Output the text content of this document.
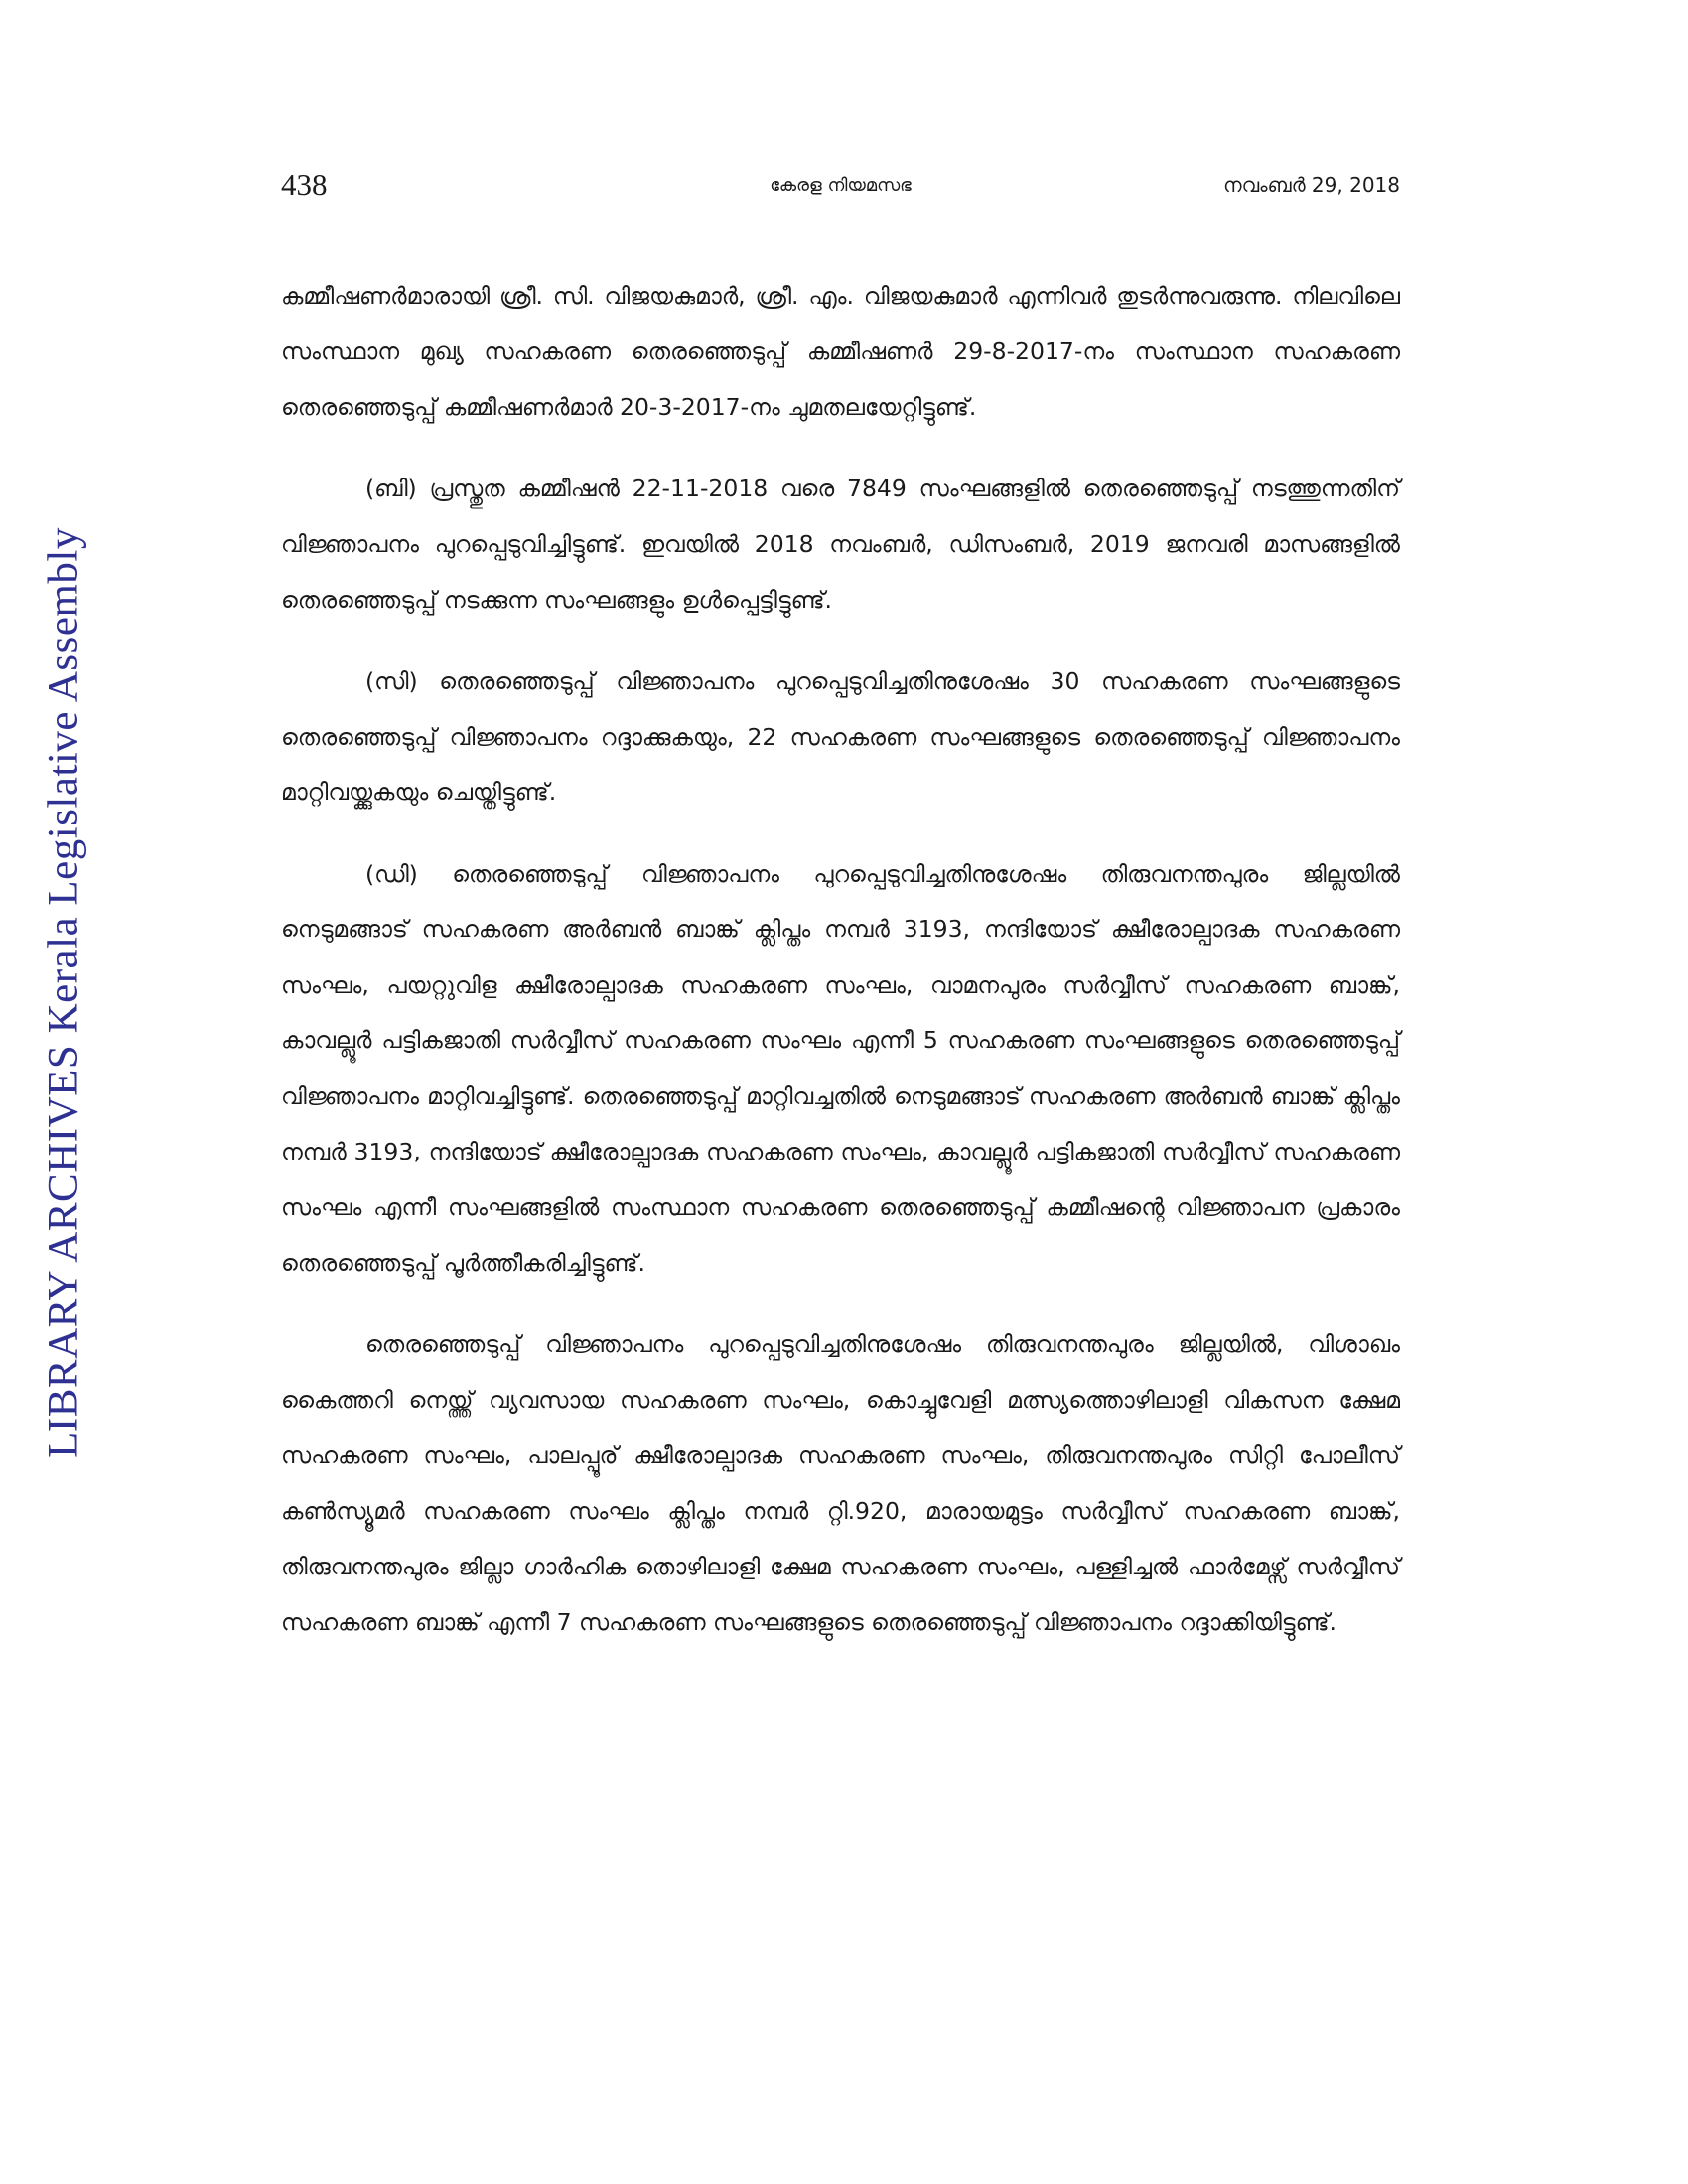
LIBRARY ARCHIVES Kerala Legislative Assembly
438	കേരള നിയമസഭ	നവംബർ 29, 2018

കമ്മീഷണർമാരായി ശ്രീ. സി. വിജയകുമാർ, ശ്രീ. എം. വിജയകുമാർ എന്നിവർ തുടർന്നുവരുന്നു. നിലവിലെ സംസ്ഥാന മുഖ്യ സഹകരണ തെരഞ്ഞെടുപ്പ് കമ്മീഷണർ 29-8-2017-നം സംസ്ഥാന സഹകരണ തെരഞ്ഞെടുപ്പ് കമ്മീഷണർമാർ 20-3-2017-നം ചുമതലയേറ്റിട്ടുണ്ട്.

(ബി) പ്രസ്തുത കമ്മീഷൻ 22-11-2018 വരെ 7849 സംഘങ്ങളിൽ തെരഞ്ഞെടുപ്പ് നടത്തുന്നതിന് വിജ്ഞാപനം പുറപ്പെടുവിച്ചിട്ടുണ്ട്. ഇവയിൽ 2018 നവംബർ, ഡിസംബർ, 2019 ജനവരി മാസങ്ങളിൽ തെരഞ്ഞെടുപ്പ് നടക്കുന്ന സംഘങ്ങളും ഉൾപ്പെട്ടിട്ടുണ്ട്.

(സി) തെരഞ്ഞെടുപ്പ് വിജ്ഞാപനം പുറപ്പെടുവിച്ചതിനുശേഷം 30 സഹകരണ സംഘങ്ങളുടെ തെരഞ്ഞെടുപ്പ് വിജ്ഞാപനം റദ്ദാക്കുകയും, 22 സഹകരണ സംഘങ്ങളുടെ തെരഞ്ഞെടുപ്പ് വിജ്ഞാപനം മാറ്റിവയ്ക്കുകയും ചെയ്തിട്ടുണ്ട്.

(ഡി) തെരഞ്ഞെടുപ്പ് വിജ്ഞാപനം പുറപ്പെടുവിച്ചതിനുശേഷം തിരുവനന്തപുരം ജില്ലയിൽ നെടുമങ്ങാട് സഹകരണ അർബൻ ബാങ്ക് ക്ലിപ്തം നമ്പർ 3193, നന്ദിയോട് ക്ഷീരോല്പാദക സഹകരണ സംഘം, പയറ്റുവിള ക്ഷീരോല്പാദക സഹകരണ സംഘം, വാമനപുരം സർവ്വീസ് സഹകരണ ബാങ്ക്, കാവല്ലൂർ പട്ടികജാതി സർവ്വീസ് സഹകരണ സംഘം എന്നീ 5 സഹകരണ സംഘങ്ങളുടെ തെരഞ്ഞെടുപ്പ് വിജ്ഞാപനം മാറ്റിവച്ചിട്ടുണ്ട്. തെരഞ്ഞെടുപ്പ് മാറ്റിവച്ചതിൽ നെടുമങ്ങാട് സഹകരണ അർബൻ ബാങ്ക് ക്ലിപ്തം നമ്പർ 3193, നന്ദിയോട് ക്ഷീരോല്പാദക സഹകരണ സംഘം, കാവല്ലൂർ പട്ടികജാതി സർവ്വീസ് സഹകരണ സംഘം എന്നീ സംഘങ്ങളിൽ സംസ്ഥാന സഹകരണ തെരഞ്ഞെടുപ്പ് കമ്മീഷന്റെ വിജ്ഞാപന പ്രകാരം തെരഞ്ഞെടുപ്പ് പൂർത്തീകരിച്ചിട്ടുണ്ട്.

തെരഞ്ഞെടുപ്പ് വിജ്ഞാപനം പുറപ്പെടുവിച്ചതിനുശേഷം തിരുവനന്തപുരം ജില്ലയിൽ, വിശാഖം കൈത്തറി നെയ്ത്ത് വ്യവസായ സഹകരണ സംഘം, കൊച്ചുവേളി മത്സ്യത്തൊഴിലാളി വികസന ക്ഷേമ സഹകരണ സംഘം, പാലപ്പൂര് ക്ഷീരോല്പാദക സഹകരണ സംഘം, തിരുവനന്തപുരം സിറ്റി പോലീസ് കൺസ്യൂമർ സഹകരണ സംഘം ക്ലിപ്തം നമ്പർ റ്റി.920, മാരായമുട്ടം സർവ്വീസ് സഹകരണ ബാങ്ക്, തിരുവനന്തപുരം ജില്ലാ ഗാർഹിക തൊഴിലാളി ക്ഷേമ സഹകരണ സംഘം, പള്ളിച്ചൽ ഫാർമേഴ്സ് സർവ്വീസ് സഹകരണ ബാങ്ക് എന്നീ 7 സഹകരണ സംഘങ്ങളുടെ തെരഞ്ഞെടുപ്പ് വിജ്ഞാപനം റദ്ദാക്കിയിട്ടുണ്ട്.
